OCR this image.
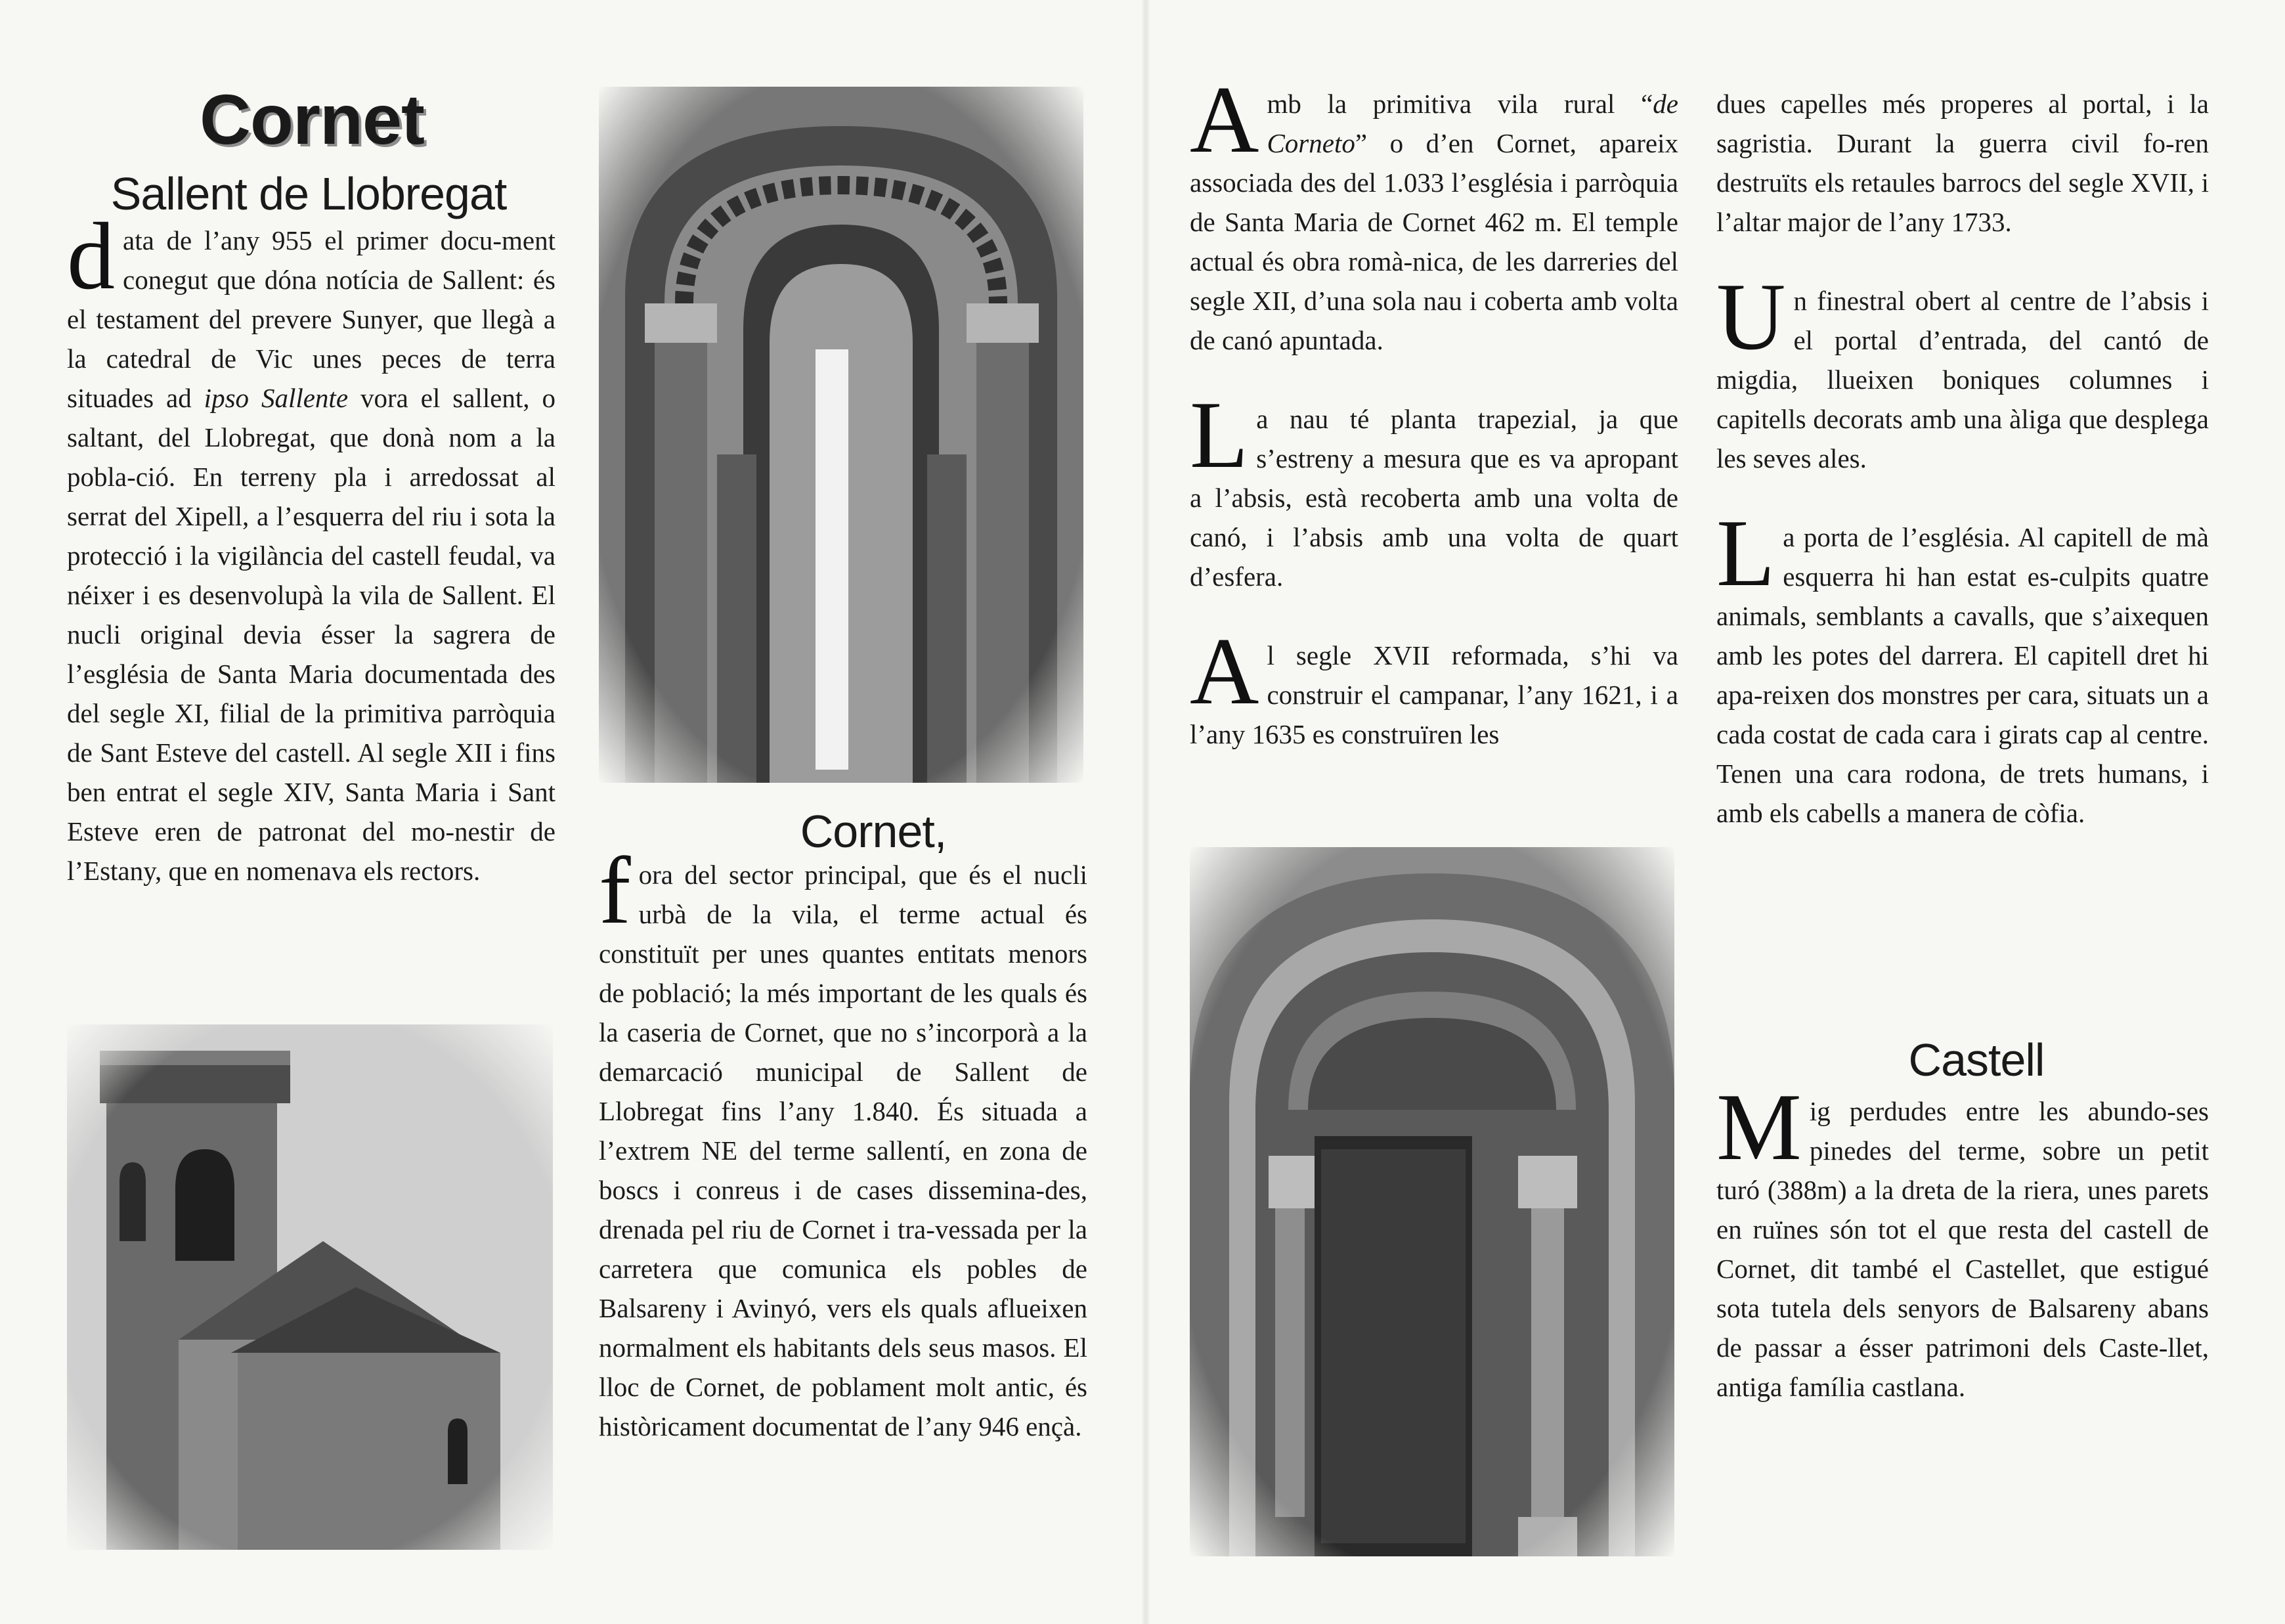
Cornet
Sallent de Llobregat

data de l’any 955 el primer docu-ment conegut que dóna notícia de Sallent: és el testament del prevere Sunyer, que llegà a la catedral de Vic unes peces de terra situades ad ipso Sallente vora el sallent, o saltant, del Llobregat, que donà nom a la pobla-ció. En terreny pla i arredossat al serrat del Xipell, a l’esquerra del riu i sota la protecció i la vigilància del castell feudal, va néixer i es desenvolupà la vila de Sallent. El nucli original devia ésser la sagrera de l’església de Santa Maria documentada des del segle XI, filial de la primitiva parròquia de Sant Esteve del castell. Al segle XII i fins ben entrat el segle XIV, Santa Maria i Sant Esteve eren de patronat del mo-nestir de l’Estany, que en nomenava els rectors.

Cornet,

fora del sector principal, que és el nucli urbà de la vila, el terme actual és constituït per unes quantes entitats menors de població; la més important de les quals és la caseria de Cornet, que no s’incorporà a la demarcació municipal de Sallent de Llobregat fins l’any 1.840. És situada a l’extrem NE del terme sallentí, en zona de boscs i conreus i de cases dissemina-des, drenada pel riu de Cornet i tra-vessada per la carretera que comunica els pobles de Balsareny i Avinyó, vers els quals aflueixen normalment els habitants dels seus masos. El lloc de Cornet, de poblament molt antic, és històricament documentat de l’any 946 ençà.

Amb la primitiva vila rural “de Corneto” o d’en Cornet, apareix associada des del 1.033 l’església i parròquia de Santa Maria de Cornet 462 m. El temple actual és obra romà-nica, de les darreries del segle XII, d’una sola nau i coberta amb volta de canó apuntada.

La nau té planta trapezial, ja que s’estreny a mesura que es va apropant a l’absis, està recoberta amb una volta de canó, i l’absis amb una volta de quart d’esfera.

Al segle XVII reformada, s’hi va construir el campanar, l’any 1621, i a l’any 1635 es construïren les

dues capelles més properes al portal, i la sagristia. Durant la guerra civil fo-ren destruïts els retaules barrocs del segle XVII, i l’altar major de l’any 1733.

Un finestral obert al centre de l’absis i el portal d’entrada, del cantó de migdia, llueixen boniques columnes i capitells decorats amb una àliga que desplega les seves ales.

La porta de l’església. Al capitell de mà esquerra hi han estat es-culpits quatre animals, semblants a cavalls, que s’aixequen amb les potes del darrera. El capitell dret hi apa-reixen dos monstres per cara, situats un a cada costat de cada cara i girats cap al centre. Tenen una cara rodona, de trets humans, i amb els cabells a manera de còfia.

Castell

Mig perdudes entre les abundo-ses pinedes del terme, sobre un petit turó (388m) a la dreta de la riera, unes parets en ruïnes són tot el que resta del castell de Cornet, dit també el Castellet, que estigué sota tutela dels senyors de Balsareny abans de passar a ésser patrimoni dels Caste-llet, antiga família castlana.
